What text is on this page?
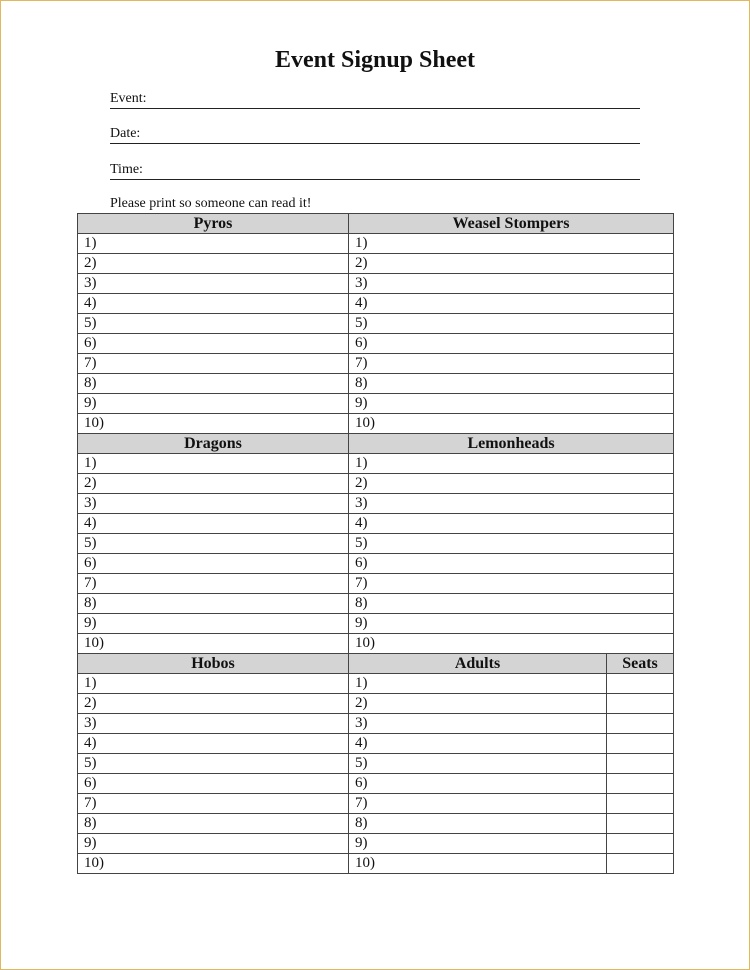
Event Signup Sheet
Event:
Date:
Time:
Please print so someone can read it!
Pyros	Weasel Stompers	
1)	1)	
2)	2)	
3)	3)	
4)	4)	
5)	5)	
6)	6)	
7)	7)	
8)	8)	
9)	9)	
10)	10)	
Dragons	Lemonheads	
1)	1)	
2)	2)	
3)	3)	
4)	4)	
5)	5)	
6)	6)	
7)	7)	
8)	8)	
9)	9)	
10)	10)	
Hobos	Adults	Seats
1)	1)	
2)	2)	
3)	3)	
4)	4)	
5)	5)	
6)	6)	
7)	7)	
8)	8)	
9)	9)	
10)	10)	
